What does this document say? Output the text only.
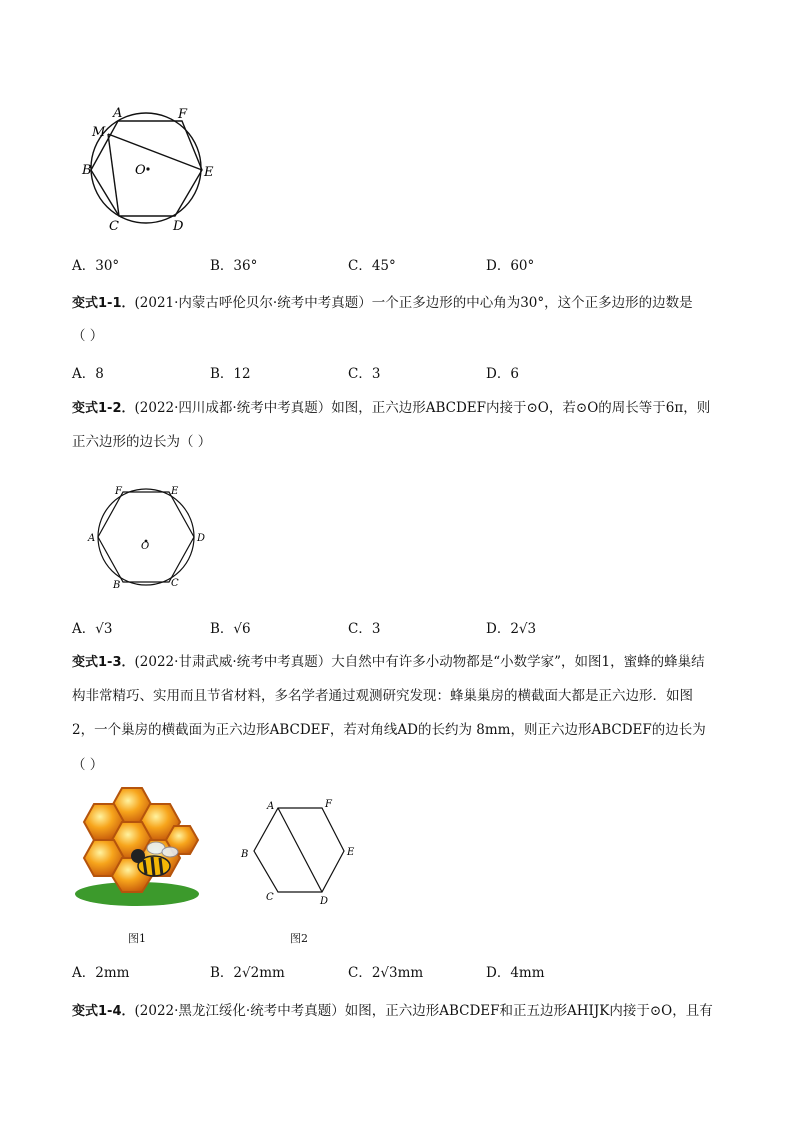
A	F
M
B	O	E
C	D
A．30°	B．36°	C．45°	D．60°
变式1-1．(2021·内蒙古呼伦贝尔·统考中考真题）一个正多边形的中心角为30°，这个正多边形的边数是
（ ）
A．8	B．12	C．3	D．6
变式1-2．(2022·四川成都·统考中考真题）如图，正六边形ABCDEF内接于⊙O，若⊙O的周长等于6π，则
正六边形的边长为（ ）
F	E
A
O
D
B	C
A．√3	B．√6	C．3	D．2√3
变式1-3．(2022·甘肃武威·统考中考真题）大自然中有许多小动物都是“小数学家”，如图1，蜜蜂的蜂巢结
构非常精巧、实用而且节省材料，多名学者通过观测研究发现：蜂巢巢房的横截面大都是正六边形．如图
2，一个巢房的横截面为正六边形ABCDEF，若对角线AD的长约为 8mm，则正六边形ABCDEF的边长为
（ ）
图1
A	F
B	E
C	D
图2
A．2mm	B．2√2mm	C．2√3mm	D．4mm
变式1-4．(2022·黑龙江绥化·统考中考真题）如图，正六边形ABCDEF和正五边形AHIJK内接于⊙O，且有
